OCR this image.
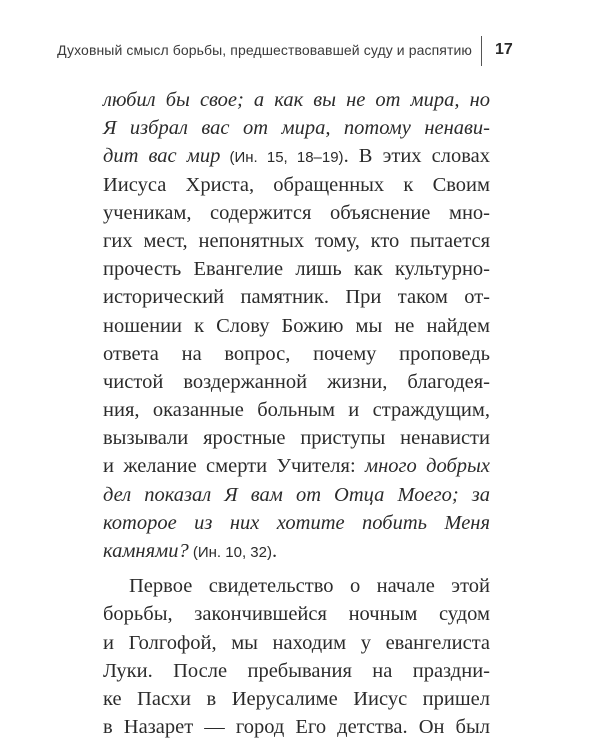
Духовный смысл борьбы, предшествовавшей суду и распятию 17
любил бы свое; а как вы не от мира, но
Я избрал вас от мира, потому ненави-
дит вас мир (Ин. 15, 18–19). В этих словах
Иисуса Христа, обращенных к Своим
ученикам, содержится объяснение мно-
гих мест, непонятных тому, кто пытается
прочесть Евангелие лишь как культурно-
исторический памятник. При таком от-
ношении к Слову Божию мы не найдем
ответа на вопрос, почему проповедь
чистой воздержанной жизни, благодея-
ния, оказанные больным и страждущим,
вызывали яростные приступы ненависти
и желание смерти Учителя: много добрых
дел показал Я вам от Отца Моего; за
которое из них хотите побить Меня
камнями? (Ин. 10, 32).
Первое свидетельство о начале этой
борьбы, закончившейся ночным судом
и Голгофой, мы находим у евангелиста
Луки. После пребывания на праздни-
ке Пасхи в Иерусалиме Иисус пришел
в Назарет — город Его детства. Он был
